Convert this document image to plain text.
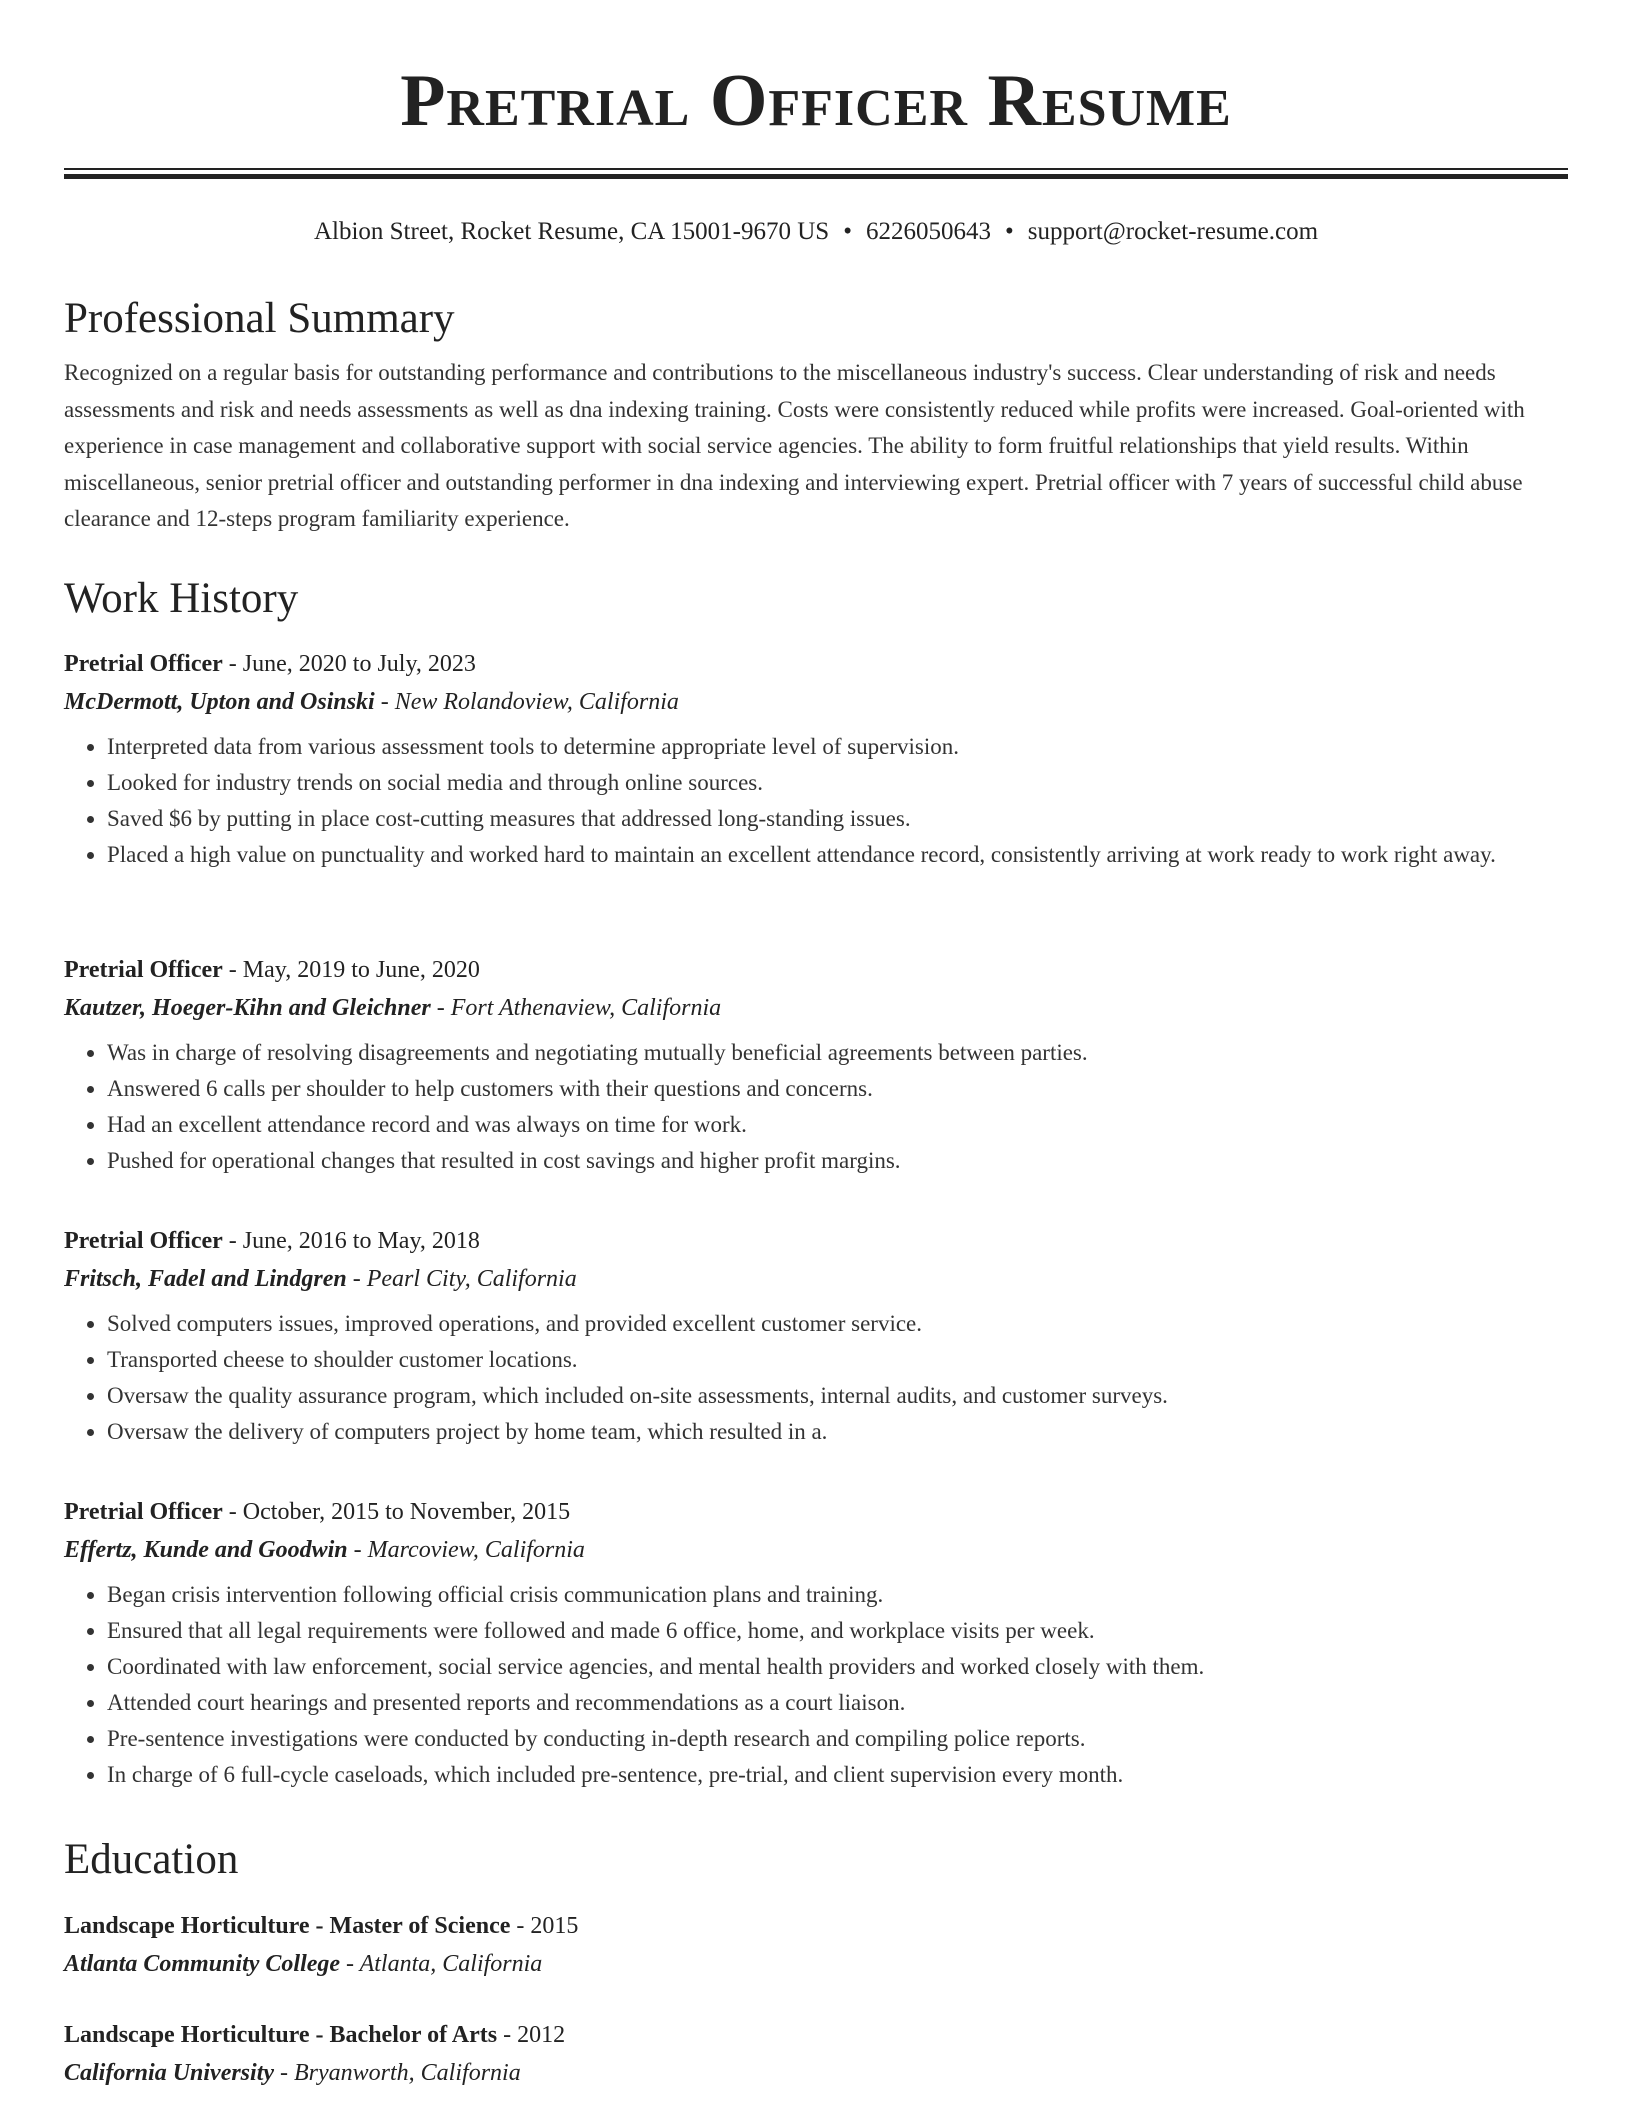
Pretrial Officer Resume
Albion Street, Rocket Resume, CA 15001-9670 US • 6226050643 • support@rocket-resume.com
Professional Summary

Recognized on a regular basis for outstanding performance and contributions to the miscellaneous industry's success. Clear understanding of risk and needs assessments and risk and needs assessments as well as dna indexing training. Costs were consistently reduced while profits were increased. Goal-oriented with experience in case management and collaborative support with social service agencies. The ability to form fruitful relationships that yield results. Within miscellaneous, senior pretrial officer and outstanding performer in dna indexing and interviewing expert. Pretrial officer with 7 years of successful child abuse clearance and 12-steps program familiarity experience.

Work History

Pretrial Officer - June, 2020 to July, 2023

McDermott, Upton and Osinski - New Rolandoview, California

• Interpreted data from various assessment tools to determine appropriate level of supervision.
• Looked for industry trends on social media and through online sources.
• Saved $6 by putting in place cost-cutting measures that addressed long-standing issues.
• Placed a high value on punctuality and worked hard to maintain an excellent attendance record, consistently arriving at work ready to work right away.

Pretrial Officer - May, 2019 to June, 2020

Kautzer, Hoeger-Kihn and Gleichner - Fort Athenaview, California

• Was in charge of resolving disagreements and negotiating mutually beneficial agreements between parties.
• Answered 6 calls per shoulder to help customers with their questions and concerns.
• Had an excellent attendance record and was always on time for work.
• Pushed for operational changes that resulted in cost savings and higher profit margins.

Pretrial Officer - June, 2016 to May, 2018

Fritsch, Fadel and Lindgren - Pearl City, California

• Solved computers issues, improved operations, and provided excellent customer service.
• Transported cheese to shoulder customer locations.
• Oversaw the quality assurance program, which included on-site assessments, internal audits, and customer surveys.
• Oversaw the delivery of computers project by home team, which resulted in a.

Pretrial Officer - October, 2015 to November, 2015

Effertz, Kunde and Goodwin - Marcoview, California

• Began crisis intervention following official crisis communication plans and training.
• Ensured that all legal requirements were followed and made 6 office, home, and workplace visits per week.
• Coordinated with law enforcement, social service agencies, and mental health providers and worked closely with them.
• Attended court hearings and presented reports and recommendations as a court liaison.
• Pre-sentence investigations were conducted by conducting in-depth research and compiling police reports.
• In charge of 6 full-cycle caseloads, which included pre-sentence, pre-trial, and client supervision every month.
Education

Landscape Horticulture - Master of Science - 2015

Atlanta Community College - Atlanta, California

Landscape Horticulture - Bachelor of Arts - 2012

California University - Bryanworth, California
